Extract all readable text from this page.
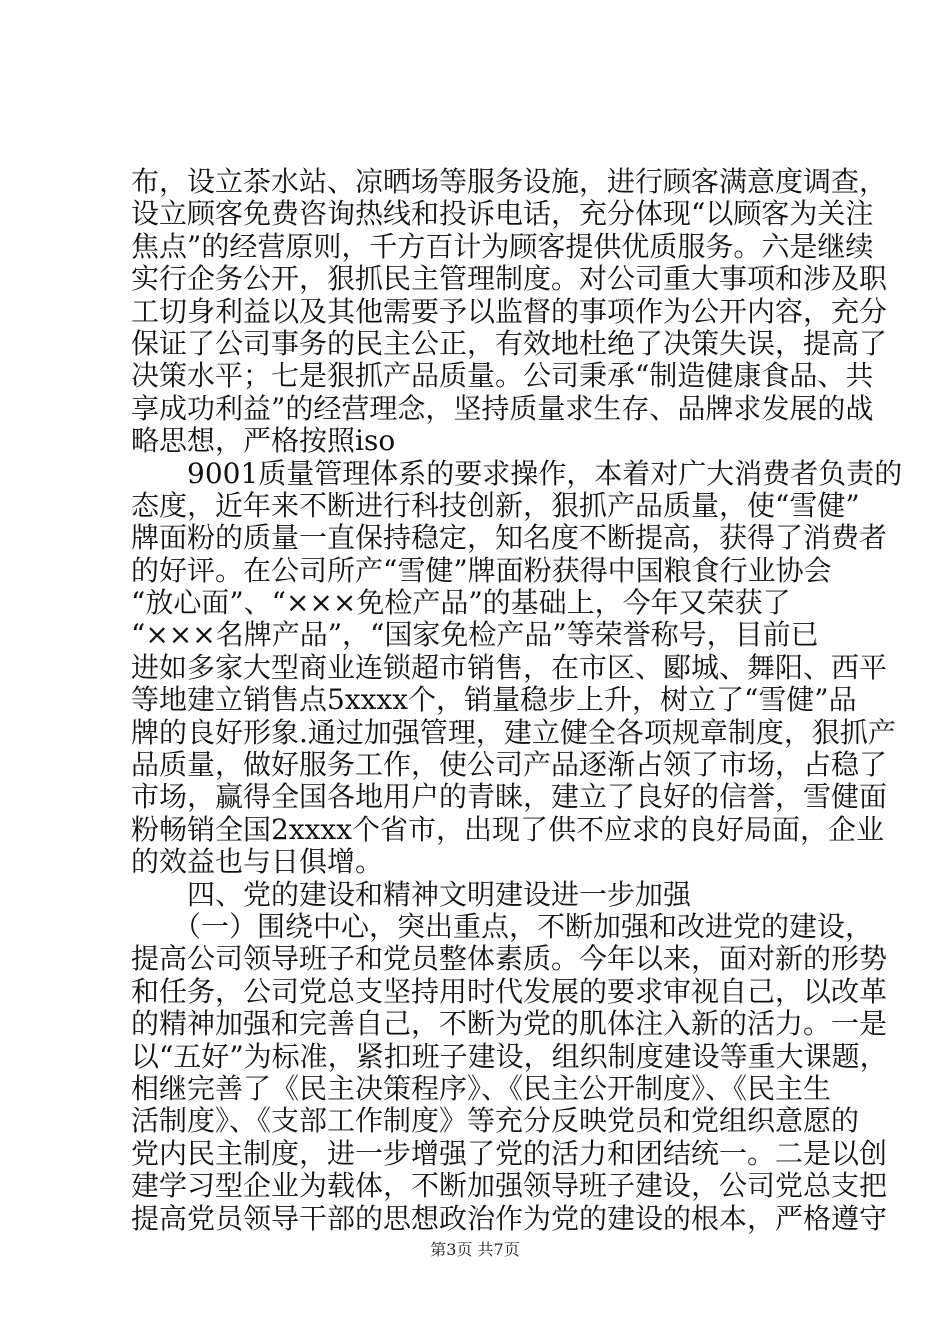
布，设立茶水站、凉晒场等服务设施，进行顾客满意度调查，
设立顾客免费咨询热线和投诉电话，充分体现“以顾客为关注
焦点”的经营原则，千方百计为顾客提供优质服务。六是继续
实行企务公开，狠抓民主管理制度。对公司重大事项和涉及职
工切身利益以及其他需要予以监督的事项作为公开内容，充分
保证了公司事务的民主公正，有效地杜绝了决策失误，提高了
决策水平；七是狠抓产品质量。公司秉承“制造健康食品、共
享成功利益”的经营理念，坚持质量求生存、品牌求发展的战
略思想，严格按照iso
　　9001质量管理体系的要求操作，本着对广大消费者负责的
态度，近年来不断进行科技创新，狠抓产品质量，使“雪健”
牌面粉的质量一直保持稳定，知名度不断提高，获得了消费者
的好评。在公司所产“雪健”牌面粉获得中国粮食行业协会
“放心面”、“×××免检产品”的基础上，今年又荣获了
“×××名牌产品”，“国家免检产品”等荣誉称号，目前已
进如多家大型商业连锁超市销售，在市区、郾城、舞阳、西平
等地建立销售点5xxxx个，销量稳步上升，树立了“雪健”品
牌的良好形象.通过加强管理，建立健全各项规章制度，狠抓产
品质量，做好服务工作，使公司产品逐渐占领了市场，占稳了
市场，赢得全国各地用户的青睐，建立了良好的信誉，雪健面
粉畅销全国2xxxx个省市，出现了供不应求的良好局面，企业
的效益也与日俱增。
　　四、党的建设和精神文明建设进一步加强
　　（一）围绕中心，突出重点，不断加强和改进党的建设，
提高公司领导班子和党员整体素质。今年以来，面对新的形势
和任务，公司党总支坚持用时代发展的要求审视自己，以改革
的精神加强和完善自己，不断为党的肌体注入新的活力。一是
以“五好”为标准，紧扣班子建设，组织制度建设等重大课题，
相继完善了《民主决策程序》、《民主公开制度》、《民主生
活制度》、《支部工作制度》等充分反映党员和党组织意愿的
党内民主制度，进一步增强了党的活力和团结统一。二是以创
建学习型企业为载体，不断加强领导班子建设，公司党总支把
提高党员领导干部的思想政治作为党的建设的根本，严格遵守
第3页 共7页
